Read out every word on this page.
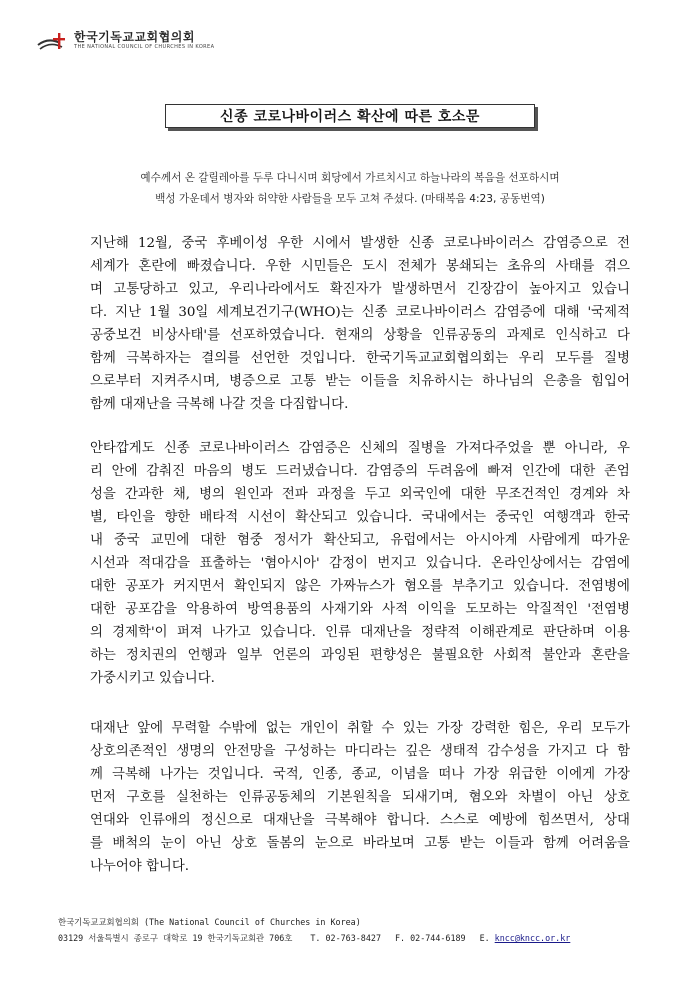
한국기독교교회협의회
THE NATIONAL COUNCIL OF CHURCHES IN KOREA
신종 코로나바이러스 확산에 따른 호소문
예수께서 온 갈릴레아를 두루 다니시며 회당에서 가르치시고 하늘나라의 복음을 선포하시며
백성 가운데서 병자와 허약한 사람들을 모두 고쳐 주셨다. (마태복음 4:23, 공동번역)
지난해 12월, 중국 후베이성 우한 시에서 발생한 신종 코로나바이러스 감염증으로 전
세계가 혼란에 빠졌습니다. 우한 시민들은 도시 전체가 봉쇄되는 초유의 사태를 겪으
며 고통당하고 있고, 우리나라에서도 확진자가 발생하면서 긴장감이 높아지고 있습니
다. 지난 1월 30일 세계보건기구(WHO)는 신종 코로나바이러스 감염증에 대해 '국제적
공중보건 비상사태'를 선포하였습니다. 현재의 상황을 인류공동의 과제로 인식하고 다
함께 극복하자는 결의를 선언한 것입니다. 한국기독교교회협의회는 우리 모두를 질병
으로부터 지켜주시며, 병증으로 고통 받는 이들을 치유하시는 하나님의 은총을 힘입어
함께 대재난을 극복해 나갈 것을 다짐합니다.
안타깝게도 신종 코로나바이러스 감염증은 신체의 질병을 가져다주었을 뿐 아니라, 우
리 안에 감춰진 마음의 병도 드러냈습니다. 감염증의 두려움에 빠져 인간에 대한 존엄
성을 간과한 채, 병의 원인과 전파 과정을 두고 외국인에 대한 무조건적인 경계와 차
별, 타인을 향한 배타적 시선이 확산되고 있습니다. 국내에서는 중국인 여행객과 한국
내 중국 교민에 대한 혐중 정서가 확산되고, 유럽에서는 아시아계 사람에게 따가운
시선과 적대감을 표출하는 '혐아시아' 감정이 번지고 있습니다. 온라인상에서는 감염에
대한 공포가 커지면서 확인되지 않은 가짜뉴스가 혐오를 부추기고 있습니다. 전염병에
대한 공포감을 악용하여 방역용품의 사재기와 사적 이익을 도모하는 악질적인 '전염병
의 경제학'이 퍼져 나가고 있습니다. 인류 대재난을 정략적 이해관계로 판단하며 이용
하는 정치권의 언행과 일부 언론의 과잉된 편향성은 불필요한 사회적 불안과 혼란을
가중시키고 있습니다.
대재난 앞에 무력할 수밖에 없는 개인이 취할 수 있는 가장 강력한 힘은, 우리 모두가
상호의존적인 생명의 안전망을 구성하는 마디라는 깊은 생태적 감수성을 가지고 다 함
께 극복해 나가는 것입니다. 국적, 인종, 종교, 이념을 떠나 가장 위급한 이에게 가장
먼저 구호를 실천하는 인류공동체의 기본원칙을 되새기며, 혐오와 차별이 아닌 상호
연대와 인류애의 정신으로 대재난을 극복해야 합니다. 스스로 예방에 힘쓰면서, 상대
를 배척의 눈이 아닌 상호 돌봄의 눈으로 바라보며 고통 받는 이들과 함께 어려움을
나누어야 합니다.
한국기독교교회협의회 (The National Council of Churches in Korea)
03129 서울특별시 종로구 대학로 19 한국기독교회관 706호 T. 02-763-8427 F. 02-744-6189 E. kncc@kncc.or.kr
